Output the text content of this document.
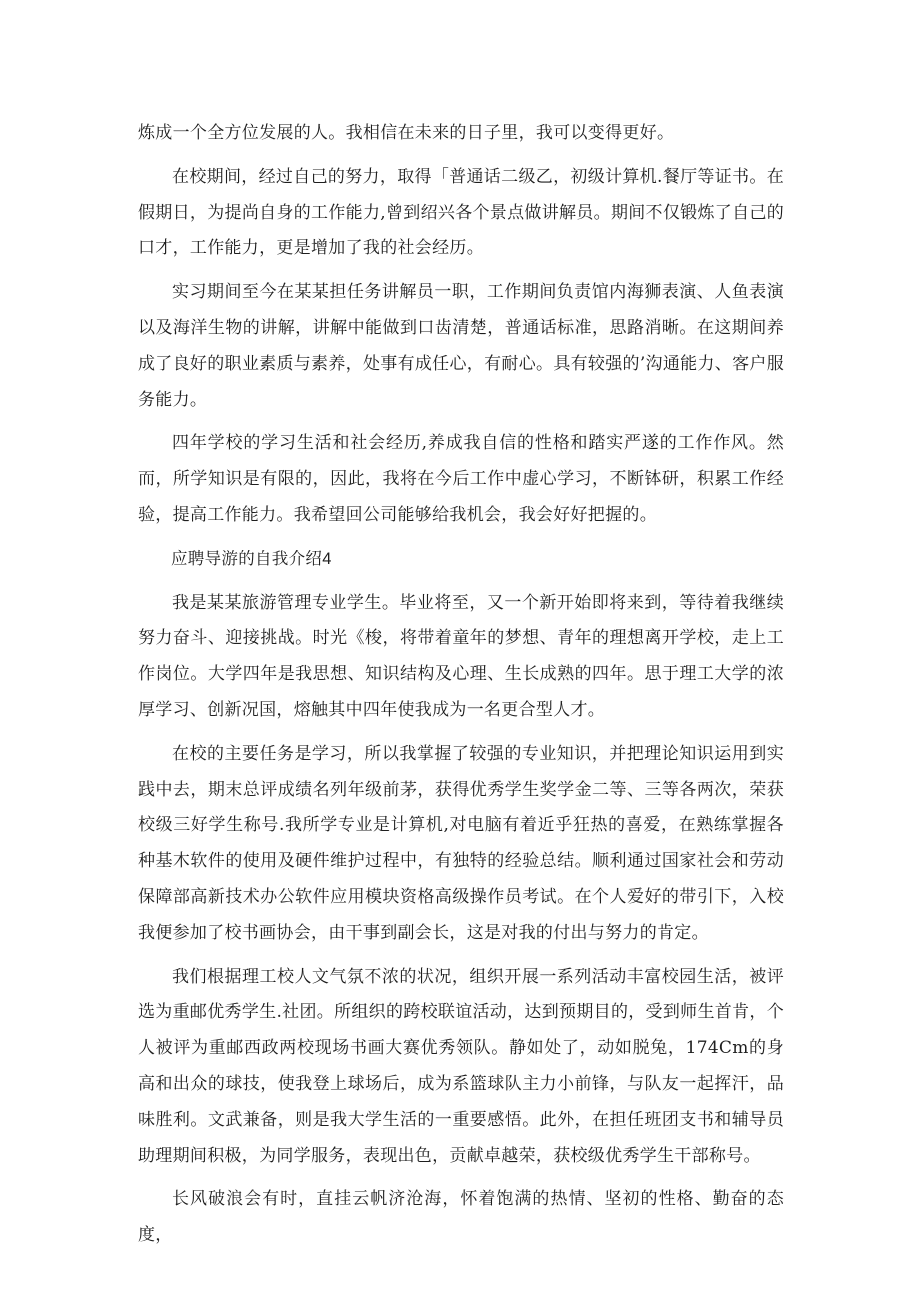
炼成一个全方位发展的人。我相信在未来的日子里，我可以变得更好。

在校期间，经过自己的努力，取得「普通话二级乙，初级计算机.餐厅等证书。在假期日，为提尚自身的工作能力,曾到绍兴各个景点做讲解员。期间不仅锻炼了自己的口才，工作能力，更是增加了我的社会经历。

实习期间至今在某某担任务讲解员一职，工作期间负责馆内海狮表演、人鱼表演以及海洋生物的讲解，讲解中能做到口齿清楚，普通话标准，思路消晰。在这期间养成了良好的职业素质与素养，处事有成任心，有耐心。具有较强的’沟通能力、客户服务能力。

四年学校的学习生活和社会经历,养成我自信的性格和踏实严遂的工作作风。然而，所学知识是有限的，因此，我将在今后工作中虚心学习，不断钵研，积累工作经验，提高工作能力。我希望回公司能够给我机会，我会好好把握的。

应聘导游的自我介绍4

我是某某旅游管理专业学生。毕业将至，又一个新开始即将来到，等待着我继续努力奋斗、迎接挑战。时光《梭，将带着童年的梦想、青年的理想离开学校，走上工作岗位。大学四年是我思想、知识结构及心理、生长成熟的四年。思于理工大学的浓厚学习、创新况国，熔触其中四年使我成为一名更合型人才。

在校的主要任务是学习，所以我掌握了较强的专业知识，并把理论知识运用到实践中去，期末总评成绩名列年级前茅，获得优秀学生奖学金二等、三等各两次，荣获校级三好学生称号.我所学专业是计算机,对电脑有着近乎狂热的喜爱，在熟练掌握各种基木软件的使用及硬件维护过程中，有独特的经验总结。顺利通过国家社会和劳动保障部高新技术办公软件应用模块资格高级操作员考试。在个人爱好的带引下，入校我便参加了校书画协会，由干事到副会长，这是对我的付出与努力的肯定。

我们根据理工校人文气氛不浓的状况，组织开展一系列活动丰富校园生活，被评选为重邮优秀学生.社团。所组织的跨校联谊活动，达到预期目的，受到师生首肯，个人被评为重邮西政两校现场书画大赛优秀领队。静如处了，动如脱兔，174Cm的身高和出众的球技，使我登上球场后，成为系篮球队主力小前锋，与队友一起挥汗，品味胜利。文武兼备，则是我大学生活的一重要感悟。此外，在担任班团支书和辅导员助理期间积极，为同学服务，表现出色，贡献卓越荣，获校级优秀学生干部称号。

长风破浪会有时，直挂云帆济沧海，怀着饱满的热情、坚初的性格、勤奋的态度，
